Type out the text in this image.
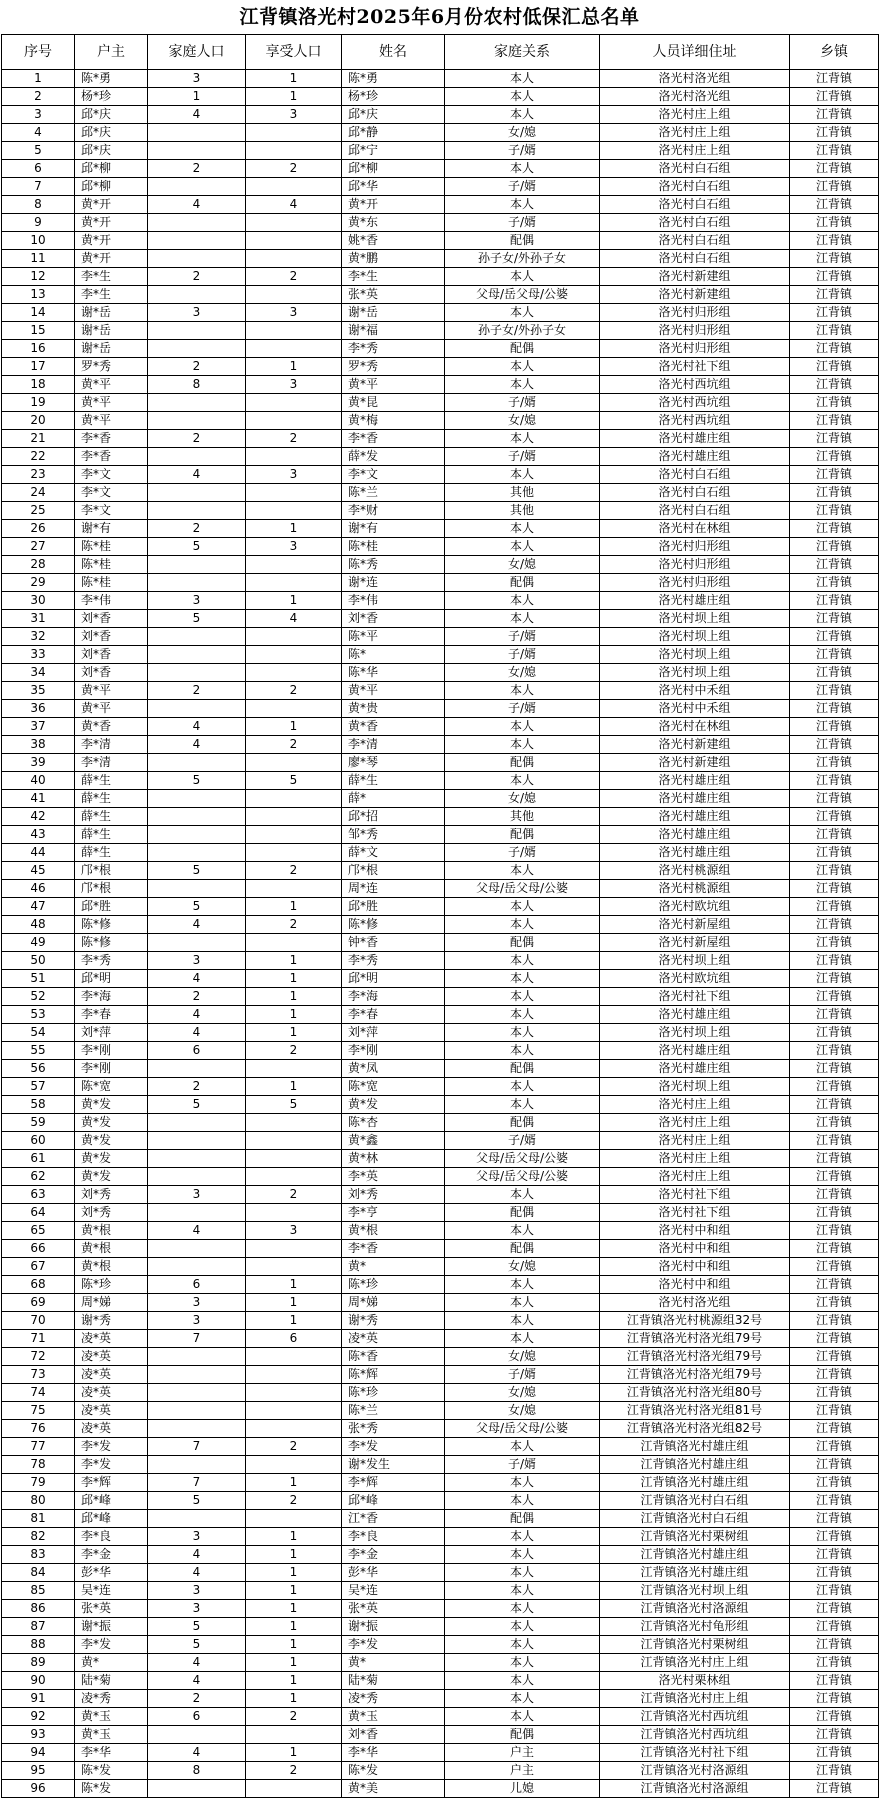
江背镇洛光村2025年6月份农村低保汇总名单
序号	户主	家庭人口	享受人口	姓名	家庭关系	人员详细住址	乡镇
1	陈*勇	3	1	陈*勇	本人	洛光村洛光组	江背镇
2	杨*珍	1	1	杨*珍	本人	洛光村洛光组	江背镇
3	邱*庆	4	3	邱*庆	本人	洛光村庄上组	江背镇
4	邱*庆			邱*静	女/媳	洛光村庄上组	江背镇
5	邱*庆			邱*宁	子/婿	洛光村庄上组	江背镇
6	邱*柳	2	2	邱*柳	本人	洛光村白石组	江背镇
7	邱*柳			邱*华	子/婿	洛光村白石组	江背镇
8	黄*开	4	4	黄*开	本人	洛光村白石组	江背镇
9	黄*开			黄*东	子/婿	洛光村白石组	江背镇
10	黄*开			姚*香	配偶	洛光村白石组	江背镇
11	黄*开			黄*鹏	孙子女/外孙子女	洛光村白石组	江背镇
12	李*生	2	2	李*生	本人	洛光村新建组	江背镇
13	李*生			张*英	父母/岳父母/公婆	洛光村新建组	江背镇
14	谢*岳	3	3	谢*岳	本人	洛光村归形组	江背镇
15	谢*岳			谢*福	孙子女/外孙子女	洛光村归形组	江背镇
16	谢*岳			李*秀	配偶	洛光村归形组	江背镇
17	罗*秀	2	1	罗*秀	本人	洛光村社下组	江背镇
18	黄*平	8	3	黄*平	本人	洛光村西坑组	江背镇
19	黄*平			黄*昆	子/婿	洛光村西坑组	江背镇
20	黄*平			黄*梅	女/媳	洛光村西坑组	江背镇
21	李*香	2	2	李*香	本人	洛光村雄庄组	江背镇
22	李*香			薛*发	子/婿	洛光村雄庄组	江背镇
23	李*文	4	3	李*文	本人	洛光村白石组	江背镇
24	李*文			陈*兰	其他	洛光村白石组	江背镇
25	李*文			李*财	其他	洛光村白石组	江背镇
26	谢*有	2	1	谢*有	本人	洛光村在林组	江背镇
27	陈*桂	5	3	陈*桂	本人	洛光村归形组	江背镇
28	陈*桂			陈*秀	女/媳	洛光村归形组	江背镇
29	陈*桂			谢*连	配偶	洛光村归形组	江背镇
30	李*伟	3	1	李*伟	本人	洛光村雄庄组	江背镇
31	刘*香	5	4	刘*香	本人	洛光村坝上组	江背镇
32	刘*香			陈*平	子/婿	洛光村坝上组	江背镇
33	刘*香			陈*	子/婿	洛光村坝上组	江背镇
34	刘*香			陈*华	女/媳	洛光村坝上组	江背镇
35	黄*平	2	2	黄*平	本人	洛光村中禾组	江背镇
36	黄*平			黄*贵	子/婿	洛光村中禾组	江背镇
37	黄*香	4	1	黄*香	本人	洛光村在林组	江背镇
38	李*清	4	2	李*清	本人	洛光村新建组	江背镇
39	李*清			廖*琴	配偶	洛光村新建组	江背镇
40	薛*生	5	5	薛*生	本人	洛光村雄庄组	江背镇
41	薛*生			薛*	女/媳	洛光村雄庄组	江背镇
42	薛*生			邱*招	其他	洛光村雄庄组	江背镇
43	薛*生			邹*秀	配偶	洛光村雄庄组	江背镇
44	薛*生			薛*文	子/婿	洛光村雄庄组	江背镇
45	邝*根	5	2	邝*根	本人	洛光村桃源组	江背镇
46	邝*根			周*连	父母/岳父母/公婆	洛光村桃源组	江背镇
47	邱*胜	5	1	邱*胜	本人	洛光村欧坑组	江背镇
48	陈*修	4	2	陈*修	本人	洛光村新屋组	江背镇
49	陈*修			钟*香	配偶	洛光村新屋组	江背镇
50	李*秀	3	1	李*秀	本人	洛光村坝上组	江背镇
51	邱*明	4	1	邱*明	本人	洛光村欧坑组	江背镇
52	李*海	2	1	李*海	本人	洛光村社下组	江背镇
53	李*春	4	1	李*春	本人	洛光村雄庄组	江背镇
54	刘*萍	4	1	刘*萍	本人	洛光村坝上组	江背镇
55	李*刚	6	2	李*刚	本人	洛光村雄庄组	江背镇
56	李*刚			黄*凤	配偶	洛光村雄庄组	江背镇
57	陈*宽	2	1	陈*宽	本人	洛光村坝上组	江背镇
58	黄*发	5	5	黄*发	本人	洛光村庄上组	江背镇
59	黄*发			陈*杏	配偶	洛光村庄上组	江背镇
60	黄*发			黄*鑫	子/婿	洛光村庄上组	江背镇
61	黄*发			黄*林	父母/岳父母/公婆	洛光村庄上组	江背镇
62	黄*发			李*英	父母/岳父母/公婆	洛光村庄上组	江背镇
63	刘*秀	3	2	刘*秀	本人	洛光村社下组	江背镇
64	刘*秀			李*亨	配偶	洛光村社下组	江背镇
65	黄*根	4	3	黄*根	本人	洛光村中和组	江背镇
66	黄*根			李*香	配偶	洛光村中和组	江背镇
67	黄*根			黄*	女/媳	洛光村中和组	江背镇
68	陈*珍	6	1	陈*珍	本人	洛光村中和组	江背镇
69	周*娣	3	1	周*娣	本人	洛光村洛光组	江背镇
70	谢*秀	3	1	谢*秀	本人	江背镇洛光村桃源组32号	江背镇
71	凌*英	7	6	凌*英	本人	江背镇洛光村洛光组79号	江背镇
72	凌*英			陈*香	女/媳	江背镇洛光村洛光组79号	江背镇
73	凌*英			陈*辉	子/婿	江背镇洛光村洛光组79号	江背镇
74	凌*英			陈*珍	女/媳	江背镇洛光村洛光组80号	江背镇
75	凌*英			陈*兰	女/媳	江背镇洛光村洛光组81号	江背镇
76	凌*英			张*秀	父母/岳父母/公婆	江背镇洛光村洛光组82号	江背镇
77	李*发	7	2	李*发	本人	江背镇洛光村雄庄组	江背镇
78	李*发			谢*发生	子/婿	江背镇洛光村雄庄组	江背镇
79	李*辉	7	1	李*辉	本人	江背镇洛光村雄庄组	江背镇
80	邱*峰	5	2	邱*峰	本人	江背镇洛光村白石组	江背镇
81	邱*峰			江*香	配偶	江背镇洛光村白石组	江背镇
82	李*良	3	1	李*良	本人	江背镇洛光村栗树组	江背镇
83	李*金	4	1	李*金	本人	江背镇洛光村雄庄组	江背镇
84	彭*华	4	1	彭*华	本人	江背镇洛光村雄庄组	江背镇
85	吴*连	3	1	吴*连	本人	江背镇洛光村坝上组	江背镇
86	张*英	3	1	张*英	本人	江背镇洛光村洛源组	江背镇
87	谢*振	5	1	谢*振	本人	江背镇洛光村龟形组	江背镇
88	李*发	5	1	李*发	本人	江背镇洛光村栗树组	江背镇
89	黄*	4	1	黄*	本人	江背镇洛光村庄上组	江背镇
90	陆*菊	4	1	陆*菊	本人	洛光村栗林组	江背镇
91	凌*秀	2	1	凌*秀	本人	江背镇洛光村庄上组	江背镇
92	黄*玉	6	2	黄*玉	本人	江背镇洛光村西坑组	江背镇
93	黄*玉			刘*香	配偶	江背镇洛光村西坑组	江背镇
94	李*华	4	1	李*华	户主	江背镇洛光村社下组	江背镇
95	陈*发	8	2	陈*发	户主	江背镇洛光村洛源组	江背镇
96	陈*发			黄*美	儿媳	江背镇洛光村洛源组	江背镇
